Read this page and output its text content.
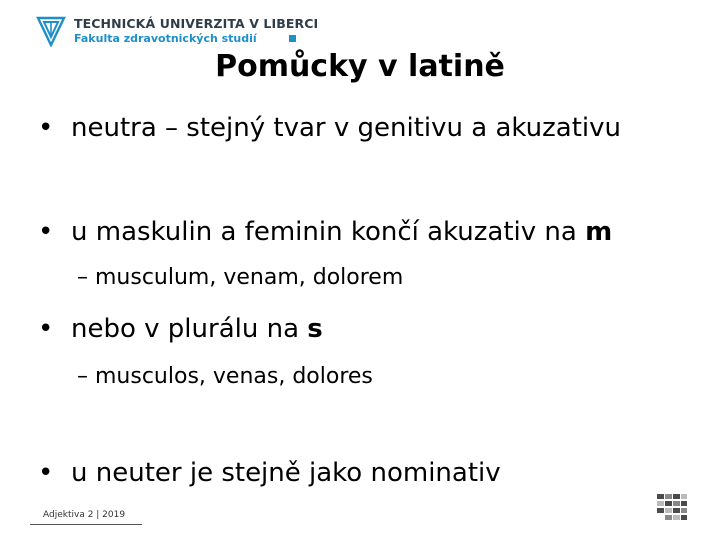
TECHNICKÁ UNIVERZITA V LIBERCI
Fakulta zdravotnických studií
Pomůcky v latině
• neutra – stejný tvar v genitivu a akuzativu
• u maskulin a feminin končí akuzativ na m
– musculum, venam, dolorem
• nebo v plurálu na s
– musculos, venas, dolores
• u neuter je stejně jako nominativ
Adjektiva 2 | 2019
